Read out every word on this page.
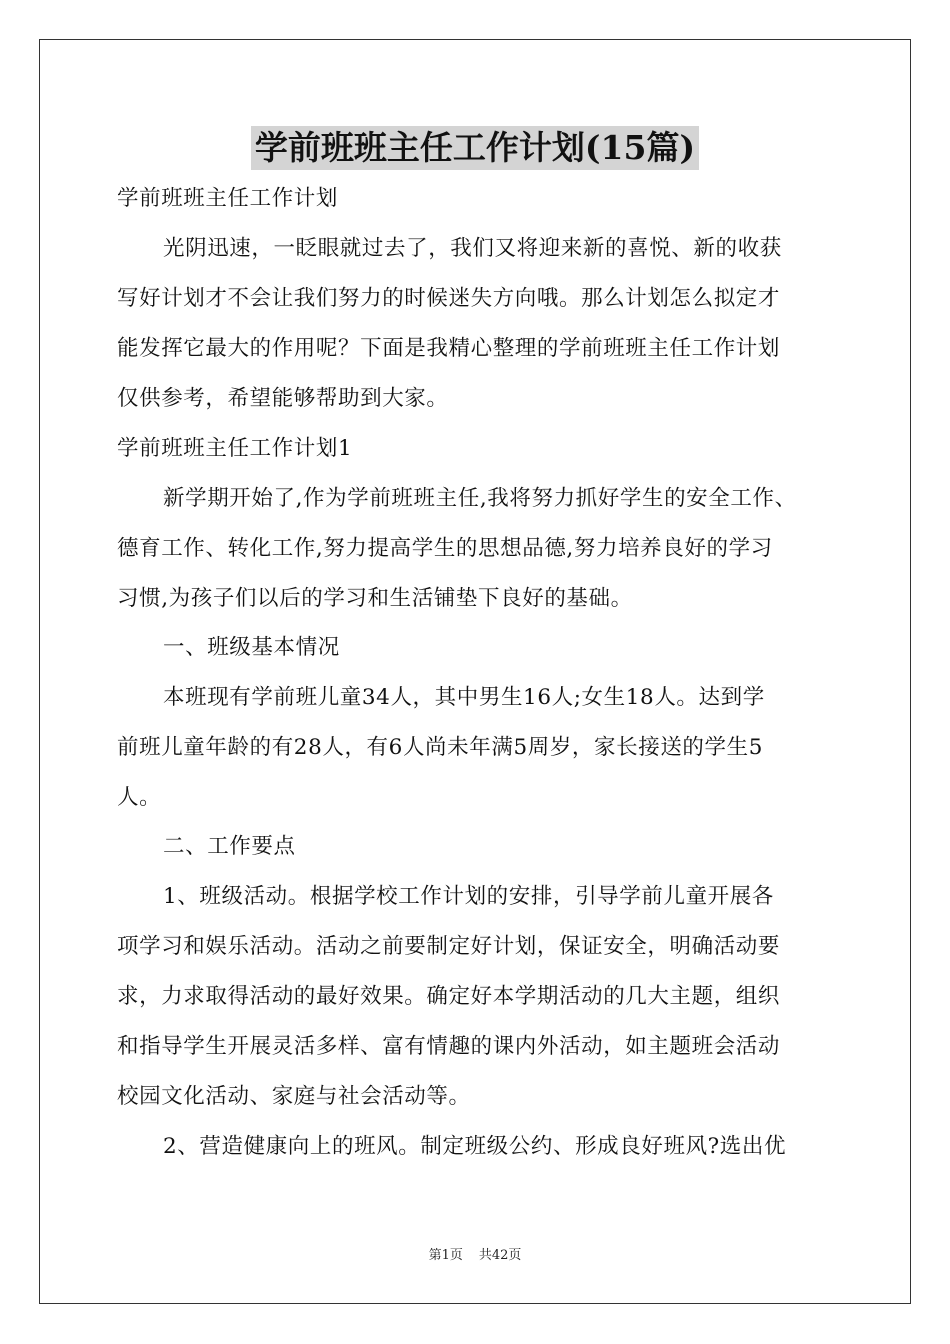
学前班班主任工作计划(15篇)
学前班班主任工作计划
光阴迅速，一眨眼就过去了，我们又将迎来新的喜悦、新的收获
写好计划才不会让我们努力的时候迷失方向哦。那么计划怎么拟定才
能发挥它最大的作用呢？下面是我精心整理的学前班班主任工作计划
仅供参考，希望能够帮助到大家。
学前班班主任工作计划1
新学期开始了,作为学前班班主任,我将努力抓好学生的安全工作、
德育工作、转化工作,努力提高学生的思想品德,努力培养良好的学习
习惯,为孩子们以后的学习和生活铺垫下良好的基础。
一、班级基本情况
本班现有学前班儿童34人，其中男生16人;女生18人。达到学
前班儿童年龄的有28人，有6人尚未年满5周岁，家长接送的学生5
人。
二、工作要点
1、班级活动。根据学校工作计划的安排，引导学前儿童开展各
项学习和娱乐活动。活动之前要制定好计划，保证安全，明确活动要
求，力求取得活动的最好效果。确定好本学期活动的几大主题，组织
和指导学生开展灵活多样、富有情趣的课内外活动，如主题班会活动
校园文化活动、家庭与社会活动等。
2、营造健康向上的班风。制定班级公约、形成良好班风?选出优
第1页 共42页
